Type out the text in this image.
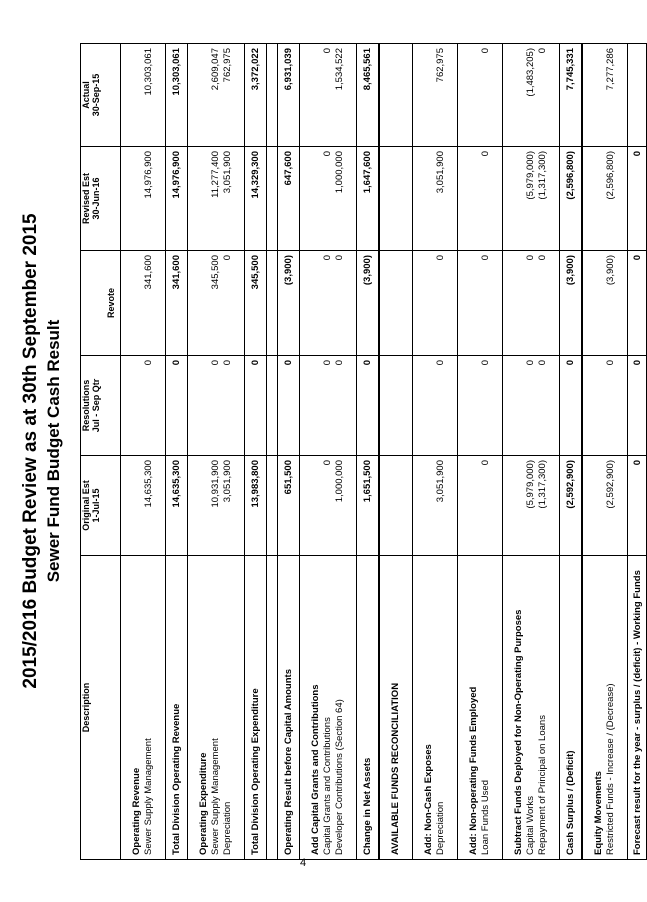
2015/2016 Budget Review as at 30th September 2015 Sewer Fund Budget Cash Result
Description	Original Est 1-Jul-15	Resolutions Jul - Sep Qtr	Revote	Revised Est 30-Jun-16	Actual 30-Sep-15

Operating Revenue					
Sewer Supply Management	14,635,300	0	341,600	14,976,900	10,303,061

Total Division Operating Revenue	14,635,300	0	341,600	14,976,900	10,303,061

Operating Expenditure					
Sewer Supply Management	10,931,900	0	345,500	11,277,400	2,609,047
Depreciation	3,051,900	0	0	3,051,900	762,975

Total Division Operating Expenditure	13,983,800	0	345,500	14,329,300	3,372,022

Operating Result before Capital Amounts	651,500	0	(3,900)	647,600	6,931,039

Add Capital Grants and Contributions					
Capital Grants and Contributions	0	0	0	0	0
Developer Contributions (Section 64)	1,000,000	0	0	1,000,000	1,534,522

Change in Net Assets	1,651,500	0	(3,900)	1,647,600	8,465,561

AVAILABLE FUNDS RECONCILIATION					

Add: Non-Cash Exposes					
Depreciation	3,051,900	0	0	3,051,900	762,975

Add: Non-operating Funds Employed					
Loan Funds Used	0	0	0	0	0

Subtract Funds Deployed for Non-Operating Purposes					
Capital Works	(5,979,000)	0	0	(5,979,000)	(1,483,205)
Repayment of Principal on Loans	(1,317,300)	0	0	(1,317,300)	0

Cash Surplus / (Deficit)	(2,592,900)	0	(3,900)	(2,596,800)	7,745,331

Equity Movements					
Restricted Funds - Increase / (Decrease)	(2,592,900)	0	(3,900)	(2,596,800)	7,277,286

Forecast result for the year - surplus / (deficit) - Working Funds	0	0	0	0	
4
